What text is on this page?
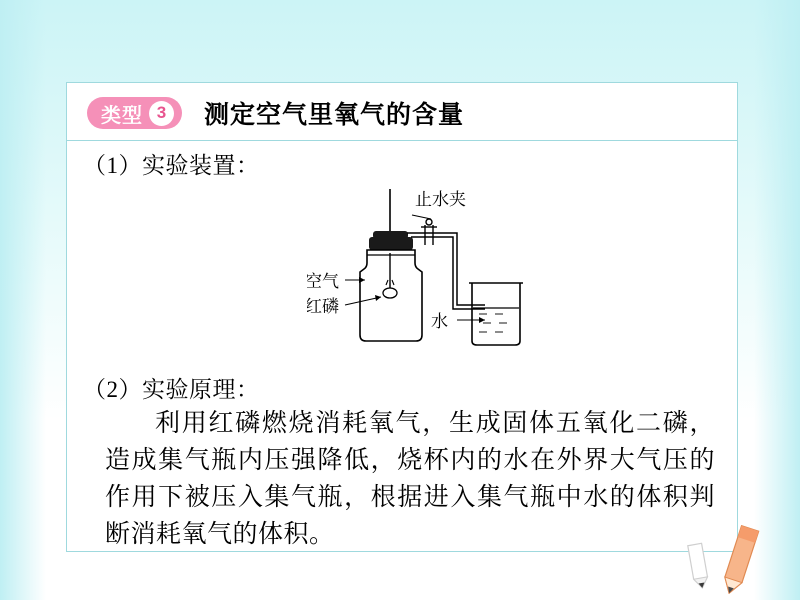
类型 3	测定空气里氧气的含量
（1）实验装置：
止水夹
空气
红磷
水
（2）实验原理：
利用红磷燃烧消耗氧气，生成固体五氧化二磷，造成集气瓶内压强降低，烧杯内的水在外界大气压的作用下被压入集气瓶，根据进入集气瓶中水的体积判断消耗氧气的体积。
